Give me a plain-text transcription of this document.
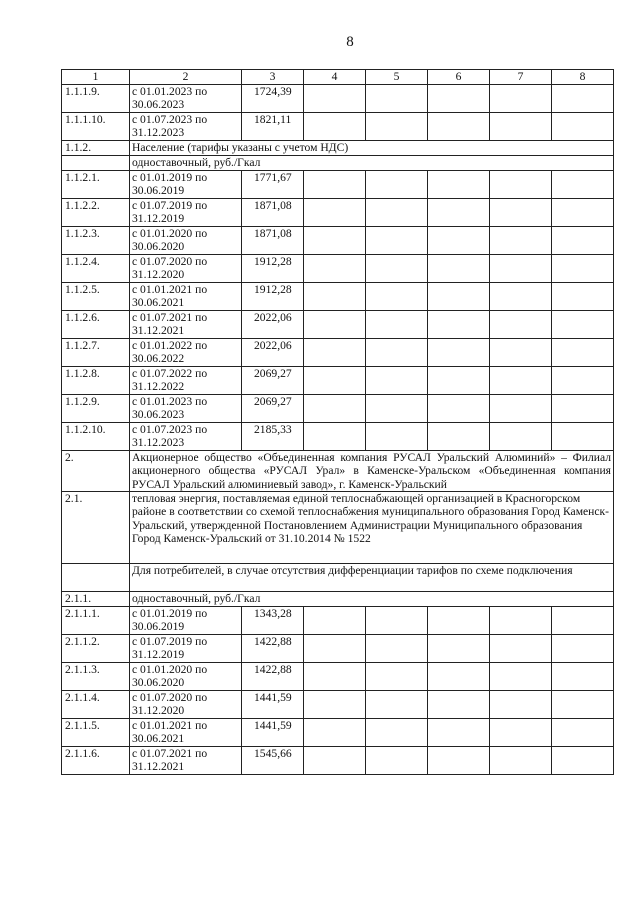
8
1	2	3	4	5	6	7	8
1.1.1.9.	с 01.01.2023 по 30.06.2023	1724,39					
1.1.1.10.	с 01.07.2023 по 31.12.2023	1821,11					
1.1.2.	Население (тарифы указаны с учетом НДС)						
	одноставочный, руб./Гкал						
1.1.2.1.	с 01.01.2019 по 30.06.2019	1771,67					
1.1.2.2.	с 01.07.2019 по 31.12.2019	1871,08					
1.1.2.3.	с 01.01.2020 по 30.06.2020	1871,08					
1.1.2.4.	с 01.07.2020 по 31.12.2020	1912,28					
1.1.2.5.	с 01.01.2021 по 30.06.2021	1912,28					
1.1.2.6.	с 01.07.2021 по 31.12.2021	2022,06					
1.1.2.7.	с 01.01.2022 по 30.06.2022	2022,06					
1.1.2.8.	с 01.07.2022 по 31.12.2022	2069,27					
1.1.2.9.	с 01.01.2023 по 30.06.2023	2069,27					
1.1.2.10.	с 01.07.2023 по 31.12.2023	2185,33					
2.	Акционерное общество «Объединенная компания РУСАЛ Уральский Алюминий» – Филиал акционерного общества «РУСАЛ Урал» в Каменске-Уральском «Объединенная компания РУСАЛ Уральский алюминиевый завод», г. Каменск-Уральский						
2.1.	тепловая энергия, поставляемая единой теплоснабжающей организацией в Красногорском районе в соответствии со схемой теплоснабжения муниципального образования Город Каменск-Уральский, утвержденной Постановлением Администрации Муниципального образования Город Каменск-Уральский от 31.10.2014 № 1522						
	Для потребителей, в случае отсутствия дифференциации тарифов по схеме подключения						
2.1.1.	одноставочный, руб./Гкал						
2.1.1.1.	с 01.01.2019 по 30.06.2019	1343,28					
2.1.1.2.	с 01.07.2019 по 31.12.2019	1422,88					
2.1.1.3.	с 01.01.2020 по 30.06.2020	1422,88					
2.1.1.4.	с 01.07.2020 по 31.12.2020	1441,59					
2.1.1.5.	с 01.01.2021 по 30.06.2021	1441,59					
2.1.1.6.	с 01.07.2021 по 31.12.2021	1545,66					
